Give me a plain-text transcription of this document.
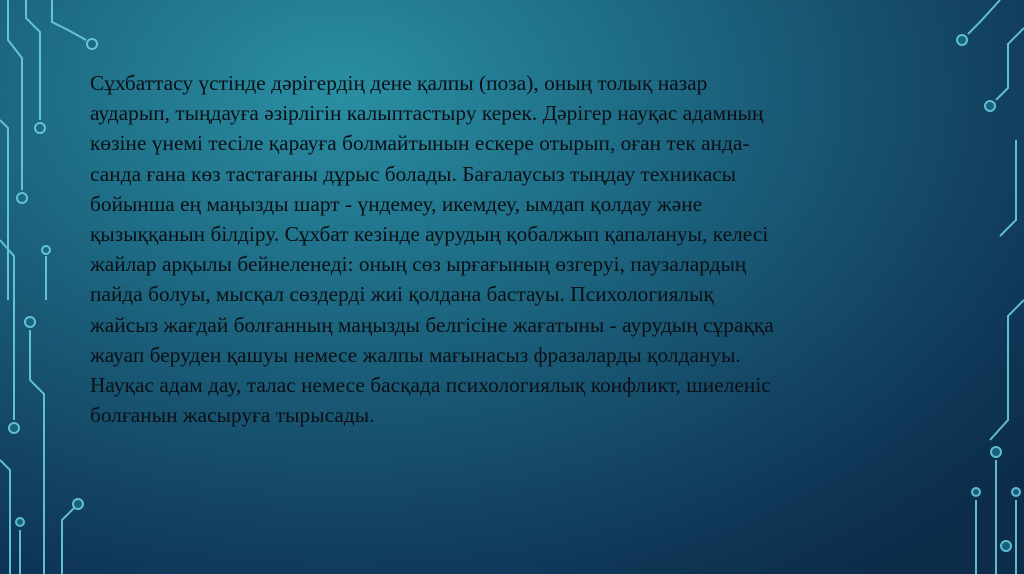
Сұхбаттасу үстінде дәрігердің дене қалпы (поза), оның толық назар
аударып, тыңдауға әзірлігін калыптастыру керек. Дәрігер науқас адамның
көзіне үнемі тесіле қарауға болмайтынын ескере отырып, оған тек анда-
санда ғана көз тастағаны дұрыс болады. Бағалаусыз тыңдау техникасы
бойынша ең маңызды шарт - үндемеу, икемдеу, ымдап қолдау және
қызыққанын білдіру. Сұхбат кезінде аурудың қобалжып қапалануы, келесі
жайлар арқылы бейнеленеді: оның сөз ырғағының өзгеруі, паузалардың
пайда болуы, мысқал сөздерді жиі қолдана бастауы. Психологиялық
жайсыз жағдай болғанның маңызды белгісіне жағатыны - аурудың сұраққа
жауап беруден қашуы немесе жалпы мағынасыз фразаларды қолдануы.
Науқас адам дау, талас немесе басқада психологиялық конфликт, шиеленіс
болғанын жасыруға тырысады.
